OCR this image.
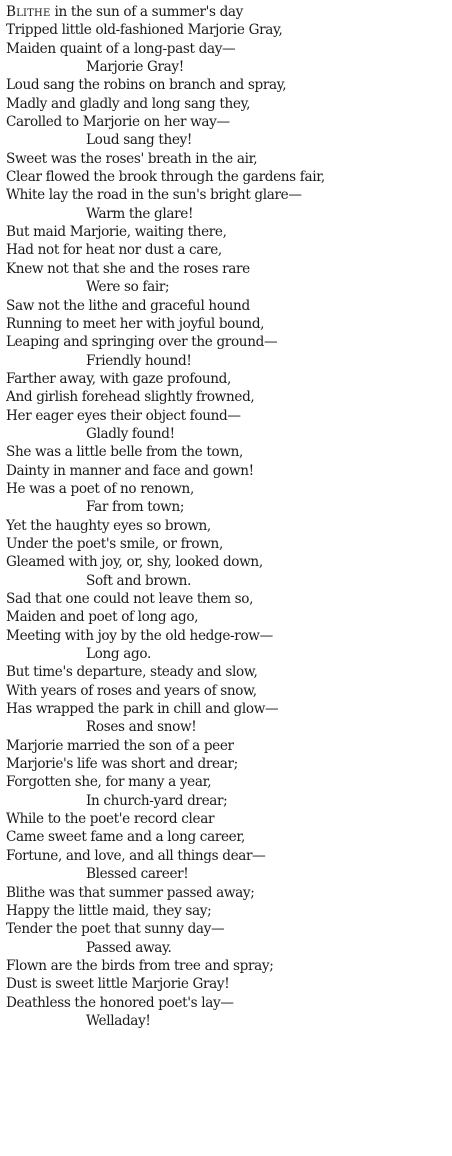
Blithe in the sun of a summer's day
Tripped little old-fashioned Marjorie Gray,
Maiden quaint of a long-past day—
Marjorie Gray!
Loud sang the robins on branch and spray,
Madly and gladly and long sang they,
Carolled to Marjorie on her way—
Loud sang they!
Sweet was the roses' breath in the air,
Clear flowed the brook through the gardens fair,
White lay the road in the sun's bright glare—
Warm the glare!
But maid Marjorie, waiting there,
Had not for heat nor dust a care,
Knew not that she and the roses rare
Were so fair;
Saw not the lithe and graceful hound
Running to meet her with joyful bound,
Leaping and springing over the ground—
Friendly hound!
Farther away, with gaze profound,
And girlish forehead slightly frowned,
Her eager eyes their object found—
Gladly found!
She was a little belle from the town,
Dainty in manner and face and gown!
He was a poet of no renown,
Far from town;
Yet the haughty eyes so brown,
Under the poet's smile, or frown,
Gleamed with joy, or, shy, looked down,
Soft and brown.
Sad that one could not leave them so,
Maiden and poet of long ago,
Meeting with joy by the old hedge-row—
Long ago.
But time's departure, steady and slow,
With years of roses and years of snow,
Has wrapped the park in chill and glow—
Roses and snow!
Marjorie married the son of a peer
Marjorie's life was short and drear;
Forgotten she, for many a year,
In church-yard drear;
While to the poet'e record clear
Came sweet fame and a long career,
Fortune, and love, and all things dear—
Blessed career!
Blithe was that summer passed away;
Happy the little maid, they say;
Tender the poet that sunny day—
Passed away.
Flown are the birds from tree and spray;
Dust is sweet little Marjorie Gray!
Deathless the honored poet's lay—
Welladay!
